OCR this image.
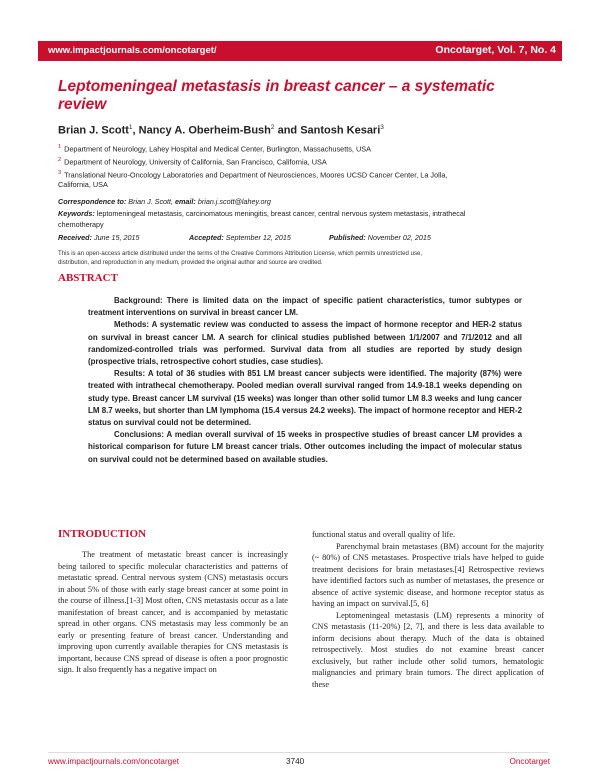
www.impactjournals.com/oncotarget/	Oncotarget, Vol. 7, No. 4
Leptomeningeal metastasis in breast cancer – a systematic review
Brian J. Scott$^1$, Nancy A. Oberheim-Bush$^2$ and Santosh Kesari$^3$
$^1$ Department of Neurology, Lahey Hospital and Medical Center, Burlington, Massachusetts, USA
$^2$ Department of Neurology, University of California, San Francisco, California, USA
$^3$ Translational Neuro-Oncology Laboratories and Department of Neurosciences, Moores UCSD Cancer Center, La Jolla,
California, USA
Correspondence to: Brian J. Scott, email: brian.j.scott@lahey.org
Keywords: leptomeningeal metastasis, carcinomatous meningitis, breast cancer, central nervous system metastasis, intrathecal
chemotherapy
Received: June 15, 2015	Accepted: September 12, 2015	Published: November 02, 2015
This is an open-access article distributed under the terms of the Creative Commons Attribution License, which permits unrestricted use,
distribution, and reproduction in any medium, provided the original author and source are credited.
ABSTRACT

Background: There is limited data on the impact of specific patient characteristics, tumor subtypes or treatment interventions on survival in breast cancer LM.

Methods: A systematic review was conducted to assess the impact of hormone receptor and HER-2 status on survival in breast cancer LM. A search for clinical studies published between 1/1/2007 and 7/1/2012 and all randomized-controlled trials was performed. Survival data from all studies are reported by study design (prospective trials, retrospective cohort studies, case studies).

Results: A total of 36 studies with 851 LM breast cancer subjects were identified. The majority (87%) were treated with intrathecal chemotherapy. Pooled median overall survival ranged from 14.9-18.1 weeks depending on study type. Breast cancer LM survival (15 weeks) was longer than other solid tumor LM 8.3 weeks and lung cancer LM 8.7 weeks, but shorter than LM lymphoma (15.4 versus 24.2 weeks). The impact of hormone receptor and HER-2 status on survival could not be determined.

Conclusions: A median overall survival of 15 weeks in prospective studies of breast cancer LM provides a historical comparison for future LM breast cancer trials. Other outcomes including the impact of molecular status on survival could not be determined based on available studies.

INTRODUCTION

The treatment of metastatic breast cancer is increasingly being tailored to specific molecular characteristics and patterns of metastatic spread. Central nervous system (CNS) metastasis occurs in about 5% of those with early stage breast cancer at some point in the course of illness.[1-3] Most often, CNS metastasis occur as a late manifestation of breast cancer, and is accompanied by metastatic spread in other organs. CNS metastasis may less commonly be an early or presenting feature of breast cancer. Understanding and improving upon currently available therapies for CNS metastasis is important, because CNS spread of disease is often a poor prognostic sign. It also frequently has a negative impact on

functional status and overall quality of life.

Parenchymal brain metastases (BM) account for the majority (~ 80%) of CNS metastases. Prospective trials have helped to guide treatment decisions for brain metastases.[4] Retrospective reviews have identified factors such as number of metastases, the presence or absence of active systemic disease, and hormone receptor status as having an impact on survival.[5, 6]

Leptomeningeal metastasis (LM) represents a minority of CNS metastasis (11-20%) [2, 7], and there is less data available to inform decisions about therapy. Much of the data is obtained retrospectively. Most studies do not examine breast cancer exclusively, but rather include other solid tumors, hematologic malignancies and primary brain tumors. The direct application of these

www.impactjournals.com/oncotarget	3740	Oncotarget
